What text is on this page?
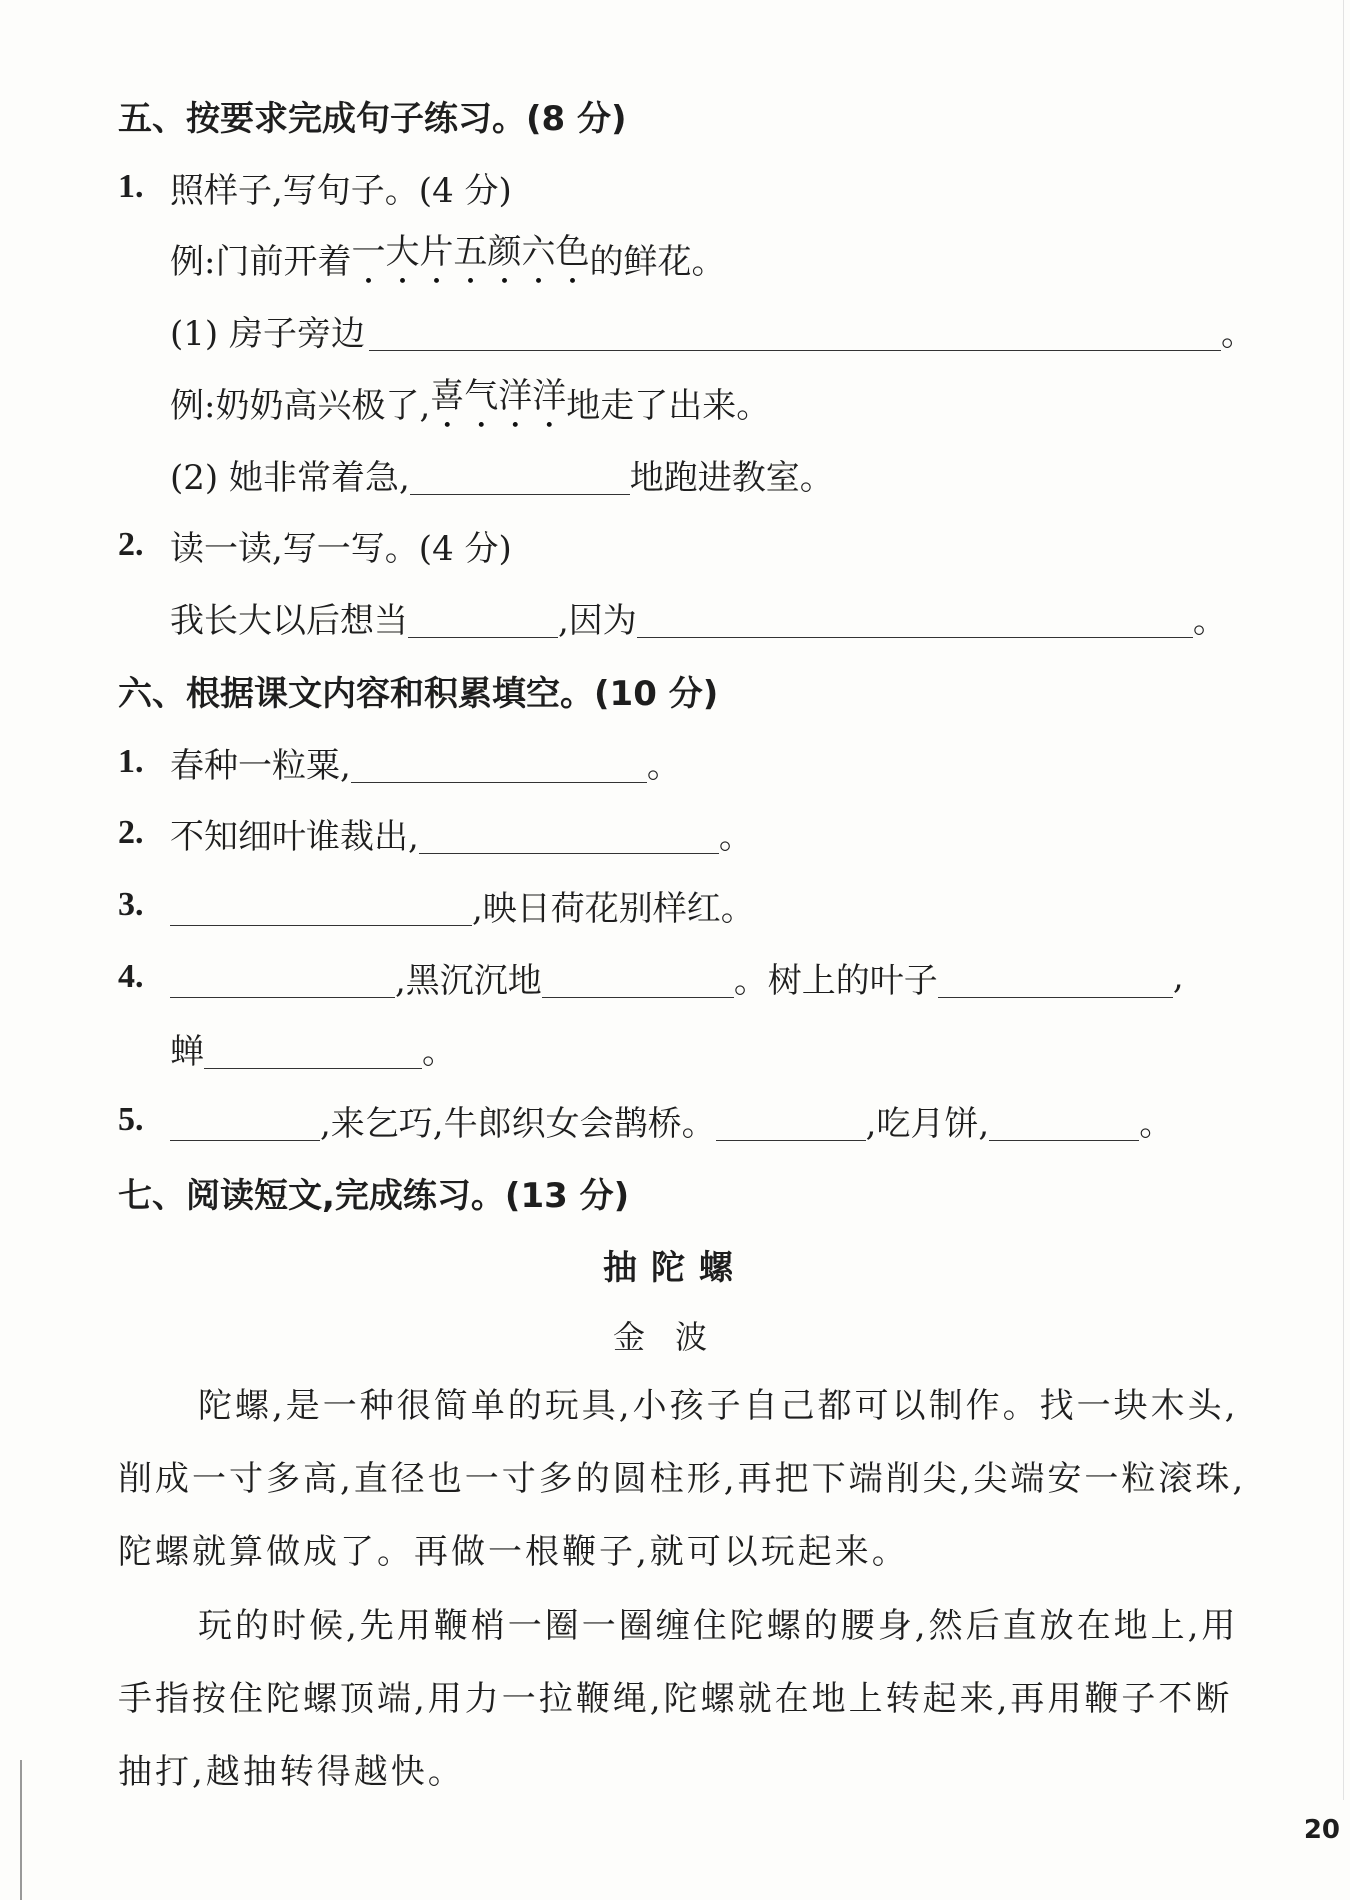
五、按要求完成句子练习。(8 分)
1. 照样子,写句子。(4 分)
例:门前开着 一大片五颜六色 的鲜花。
(1) 房子旁边	。
例:奶奶高兴极了, 喜气洋洋 地走了出来。
(2) 她非常着急,	地跑进教室。
2. 读一读,写一写。(4 分)
我长大以后想当	,因为	。
六、根据课文内容和积累填空。(10 分)
1. 春种一粒粟,	。
2. 不知细叶谁裁出,	。
3.	,映日荷花别样红。
4.	,黑沉沉地	。树上的叶子	,
蝉	。
5.	,来乞巧,牛郎织女会鹊桥。	,吃月饼,	。
七、阅读短文,完成练习。(13 分)
抽陀螺
金波
陀螺,是一种很简单的玩具,小孩子自己都可以制作。找一块木头,削成一寸多高,直径也一寸多的圆柱形,再把下端削尖,尖端安一粒滚珠,陀螺就算做成了。再做一根鞭子,就可以玩起来。
玩的时候,先用鞭梢一圈一圈缠住陀螺的腰身,然后直放在地上,用手指按住陀螺顶端,用力一拉鞭绳,陀螺就在地上转起来,再用鞭子不断抽打,越抽转得越快。
20
